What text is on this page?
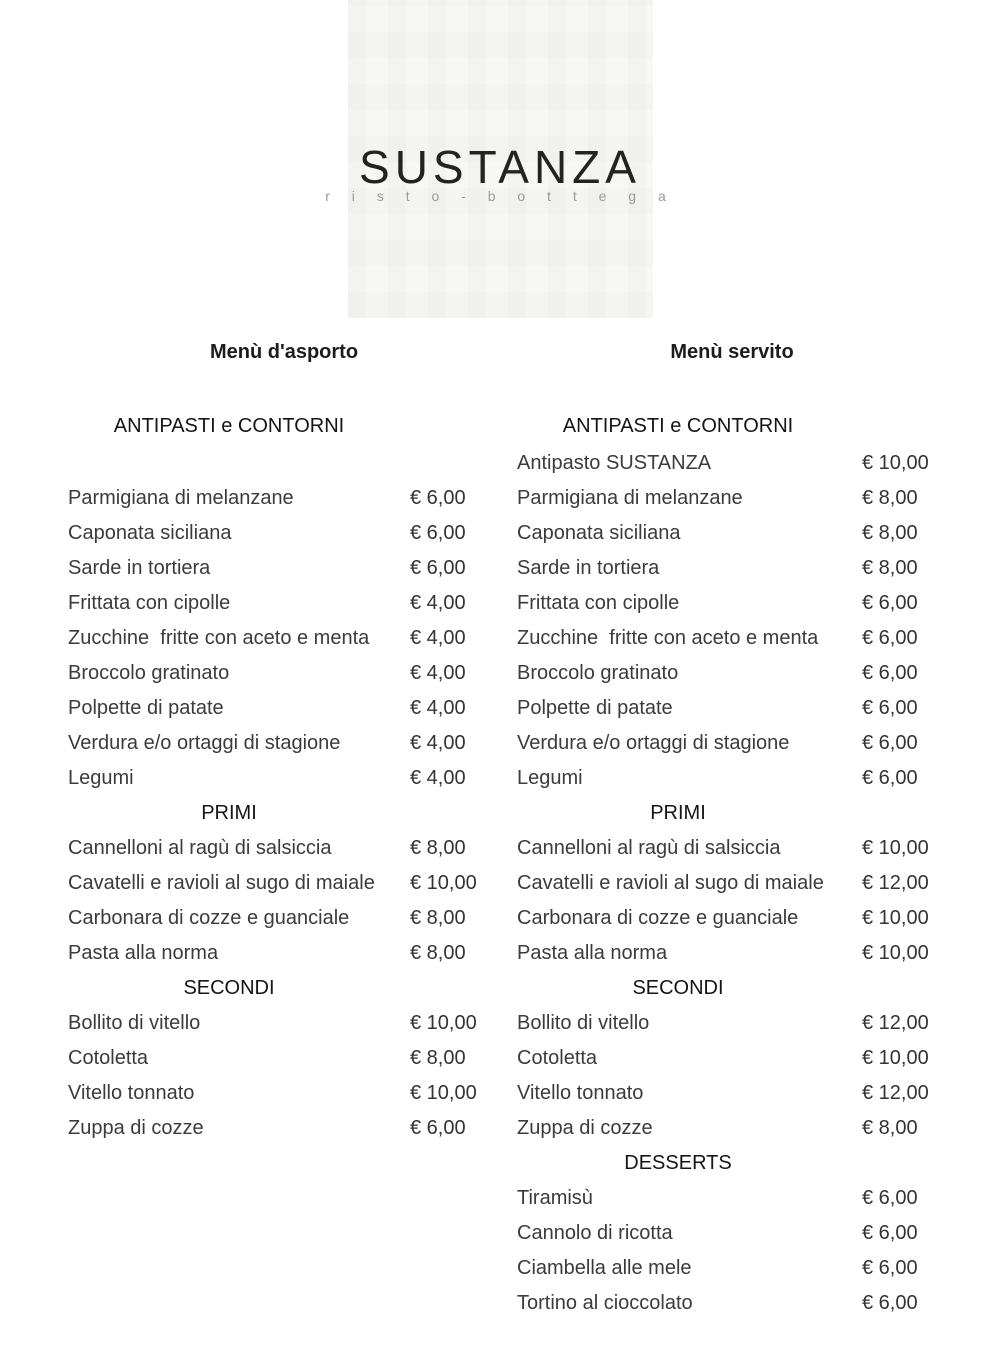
SUSTANZA
r i s t o - b o t t e g a
Menù d'asporto	Menù servito
ANTIPASTI e CONTORNI	ANTIPASTI e CONTORNI
Parmigiana di melanzane	€ 6,00
Caponata siciliana	€ 6,00
Sarde in tortiera	€ 6,00
Frittata con cipolle	€ 4,00
Zucchine  fritte con aceto e menta € 4,00
Broccolo gratinato	€ 4,00
Polpette di patate	€ 4,00
Verdura e/o ortaggi di stagione	€ 4,00
Legumi	€ 4,00
PRIMI
Cannelloni al ragù di salsiccia	€ 8,00
Cavatelli e ravioli al sugo di maiale € 10,00
Carbonara di cozze e guanciale	€ 8,00
Pasta alla norma	€ 8,00
SECONDI
Bollito di vitello	€ 10,00
Cotoletta	€ 8,00
Vitello tonnato	€ 10,00
Zuppa di cozze	€ 6,00
Antipasto SUSTANZA	€ 10,00
Parmigiana di melanzane	€ 8,00
Caponata siciliana	€ 8,00
Sarde in tortiera	€ 8,00
Frittata con cipolle	€ 6,00
Zucchine  fritte con aceto e menta € 6,00
Broccolo gratinato	€ 6,00
Polpette di patate	€ 6,00
Verdura e/o ortaggi di stagione	€ 6,00
Legumi	€ 6,00
PRIMI
Cannelloni al ragù di salsiccia	€ 10,00
Cavatelli e ravioli al sugo di maiale € 12,00
Carbonara di cozze e guanciale	€ 10,00
Pasta alla norma	€ 10,00
SECONDI
Bollito di vitello	€ 12,00
Cotoletta	€ 10,00
Vitello tonnato	€ 12,00
Zuppa di cozze	€ 8,00
DESSERTS
Tiramisù	€ 6,00
Cannolo di ricotta	€ 6,00
Ciambella alle mele	€ 6,00
Tortino al cioccolato	€ 6,00
